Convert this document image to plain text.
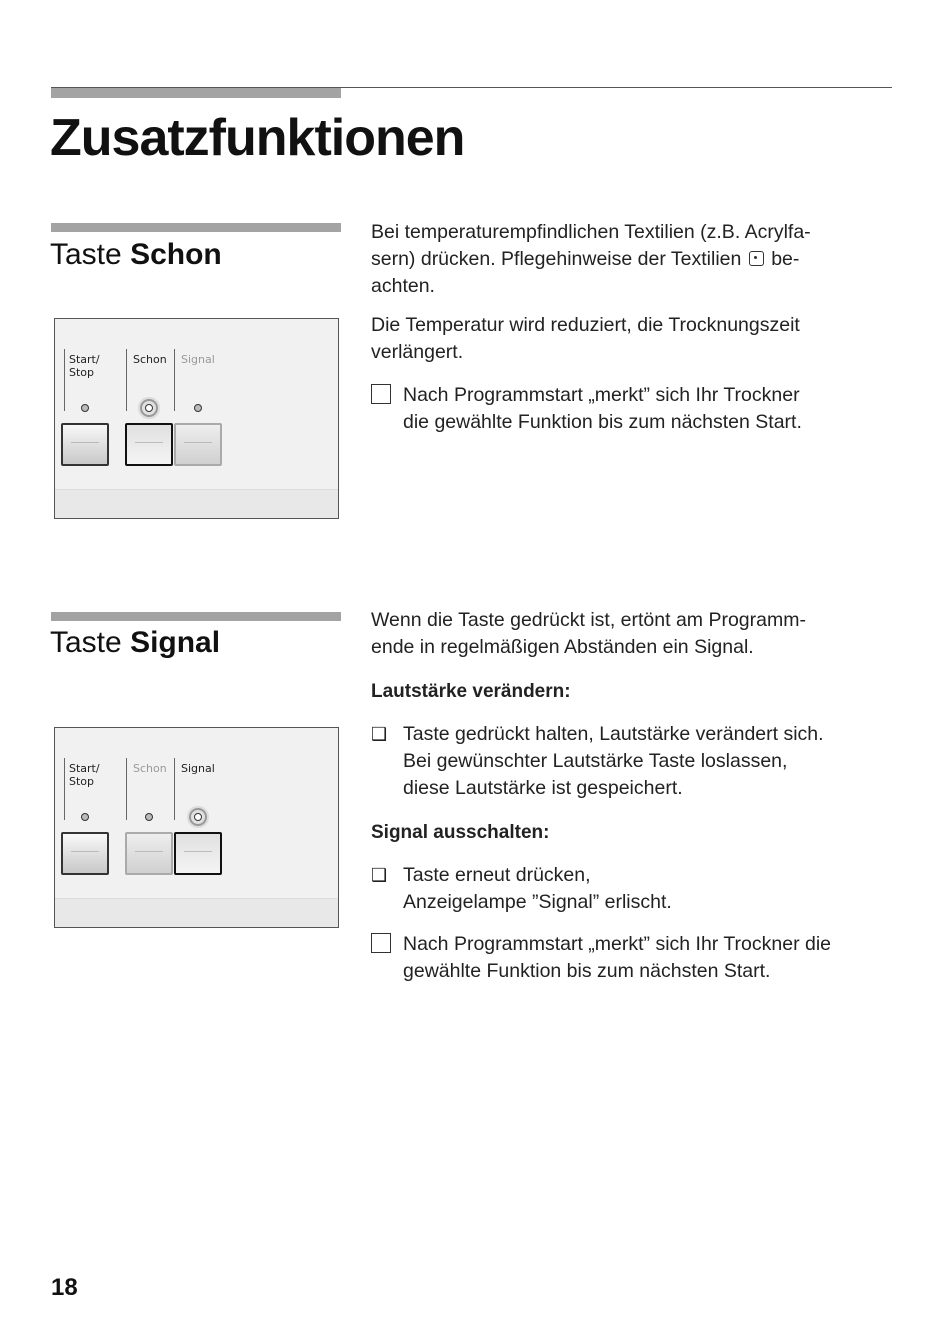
Zusatzfunktionen
Taste Schon
Start/
Stop
Schon Signal

Bei temperaturempfindlichen Textilien (z.B. Acrylfa-
sern) drücken. Pflegehinweise der Textilien be-
achten.

Die Temperatur wird reduziert, die Trocknungszeit
verlängert.

Nach Programmstart „merkt” sich Ihr Trockner
die gewählte Funktion bis zum nächsten Start.

Taste Signal
Start/
Stop
Schon Signal

Wenn die Taste gedrückt ist, ertönt am Programm-
ende in regelmäßigen Abständen ein Signal.

Lautstärke verändern:

❑ Taste gedrückt halten, Lautstärke verändert sich.
Bei gewünschter Lautstärke Taste loslassen,
diese Lautstärke ist gespeichert.

Signal ausschalten:

❑ Taste erneut drücken,
Anzeigelampe ”Signal” erlischt.

Nach Programmstart „merkt” sich Ihr Trockner die
gewählte Funktion bis zum nächsten Start.

18
